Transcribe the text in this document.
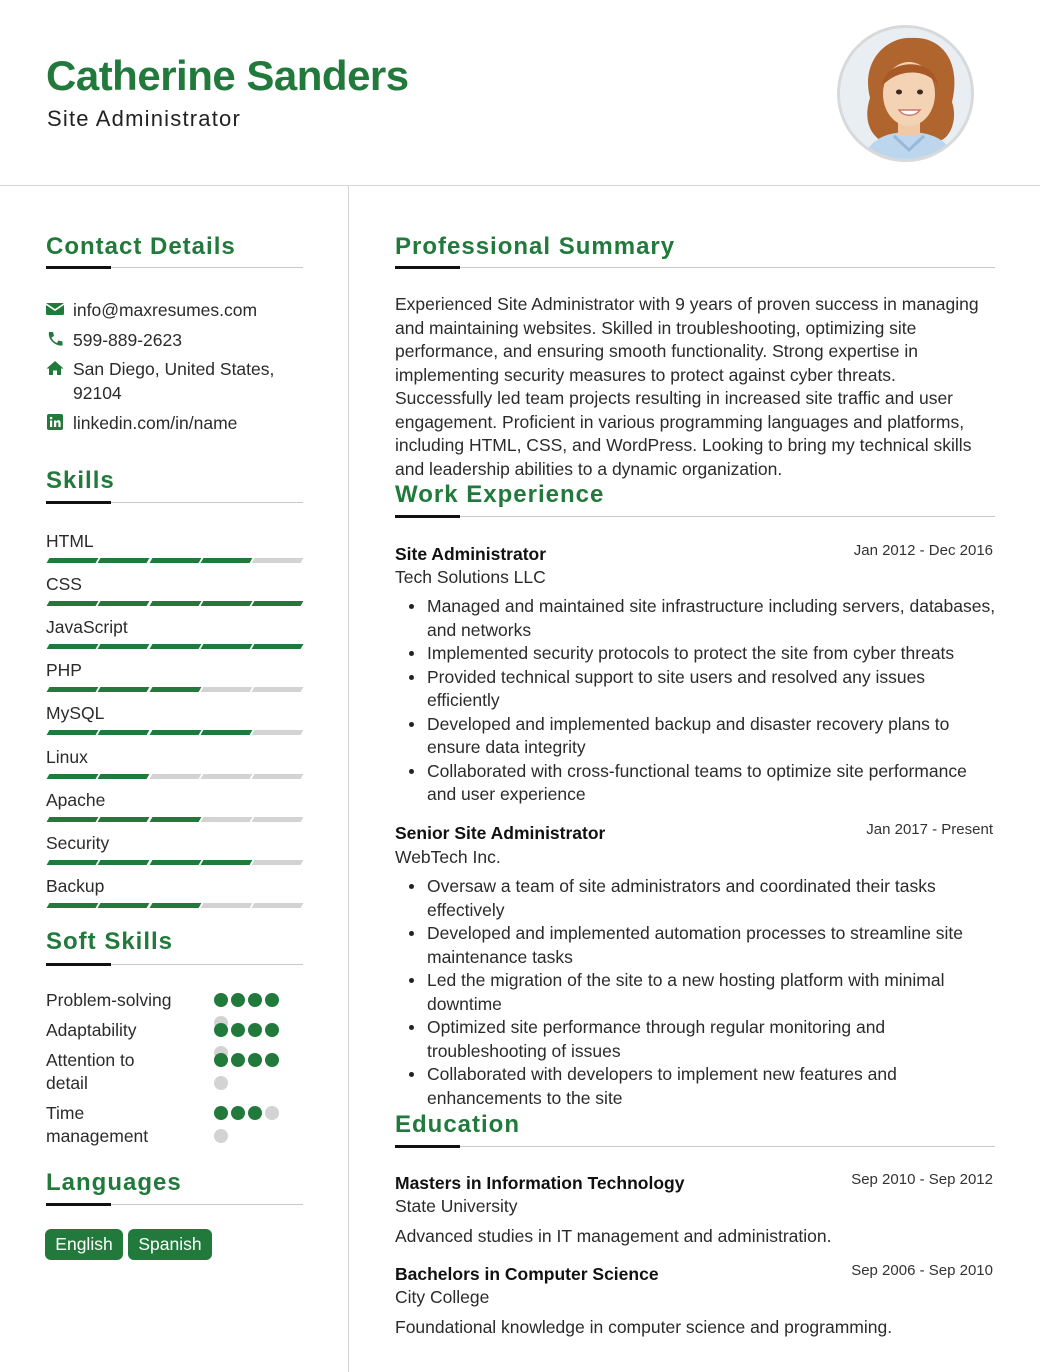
Catherine Sanders
Site Administrator
Contact Details
info@maxresumes.com
599-889-2623
San Diego, United States,
92104
linkedin.com/in/name
Skills
HTML
CSS
JavaScript
PHP
MySQL
Linux
Apache
Security
Backup
Soft Skills
Problem-solving
Adaptability
Attention to
detail
Time
management
Languages
English	Spanish
Professional Summary
Experienced Site Administrator with 9 years of proven success in managing and maintaining websites. Skilled in troubleshooting, optimizing site performance, and ensuring smooth functionality. Strong expertise in implementing security measures to protect against cyber threats. Successfully led team projects resulting in increased site traffic and user engagement. Proficient in various programming languages and platforms, including HTML, CSS, and WordPress. Looking to bring my technical skills and leadership abilities to a dynamic organization.
Work Experience
Site Administrator	Jan 2012 - Dec 2016
Tech Solutions LLC
Managed and maintained site infrastructure including servers, databases, and networks
Implemented security protocols to protect the site from cyber threats
Provided technical support to site users and resolved any issues efficiently
Developed and implemented backup and disaster recovery plans to ensure data integrity
Collaborated with cross-functional teams to optimize site performance and user experience
Senior Site Administrator	Jan 2017 - Present
WebTech Inc.
Oversaw a team of site administrators and coordinated their tasks effectively
Developed and implemented automation processes to streamline site maintenance tasks
Led the migration of the site to a new hosting platform with minimal downtime
Optimized site performance through regular monitoring and troubleshooting of issues
Collaborated with developers to implement new features and enhancements to the site
Education
Masters in Information Technology	Sep 2010 - Sep 2012
State University
Advanced studies in IT management and administration.
Bachelors in Computer Science	Sep 2006 - Sep 2010
City College
Foundational knowledge in computer science and programming.
